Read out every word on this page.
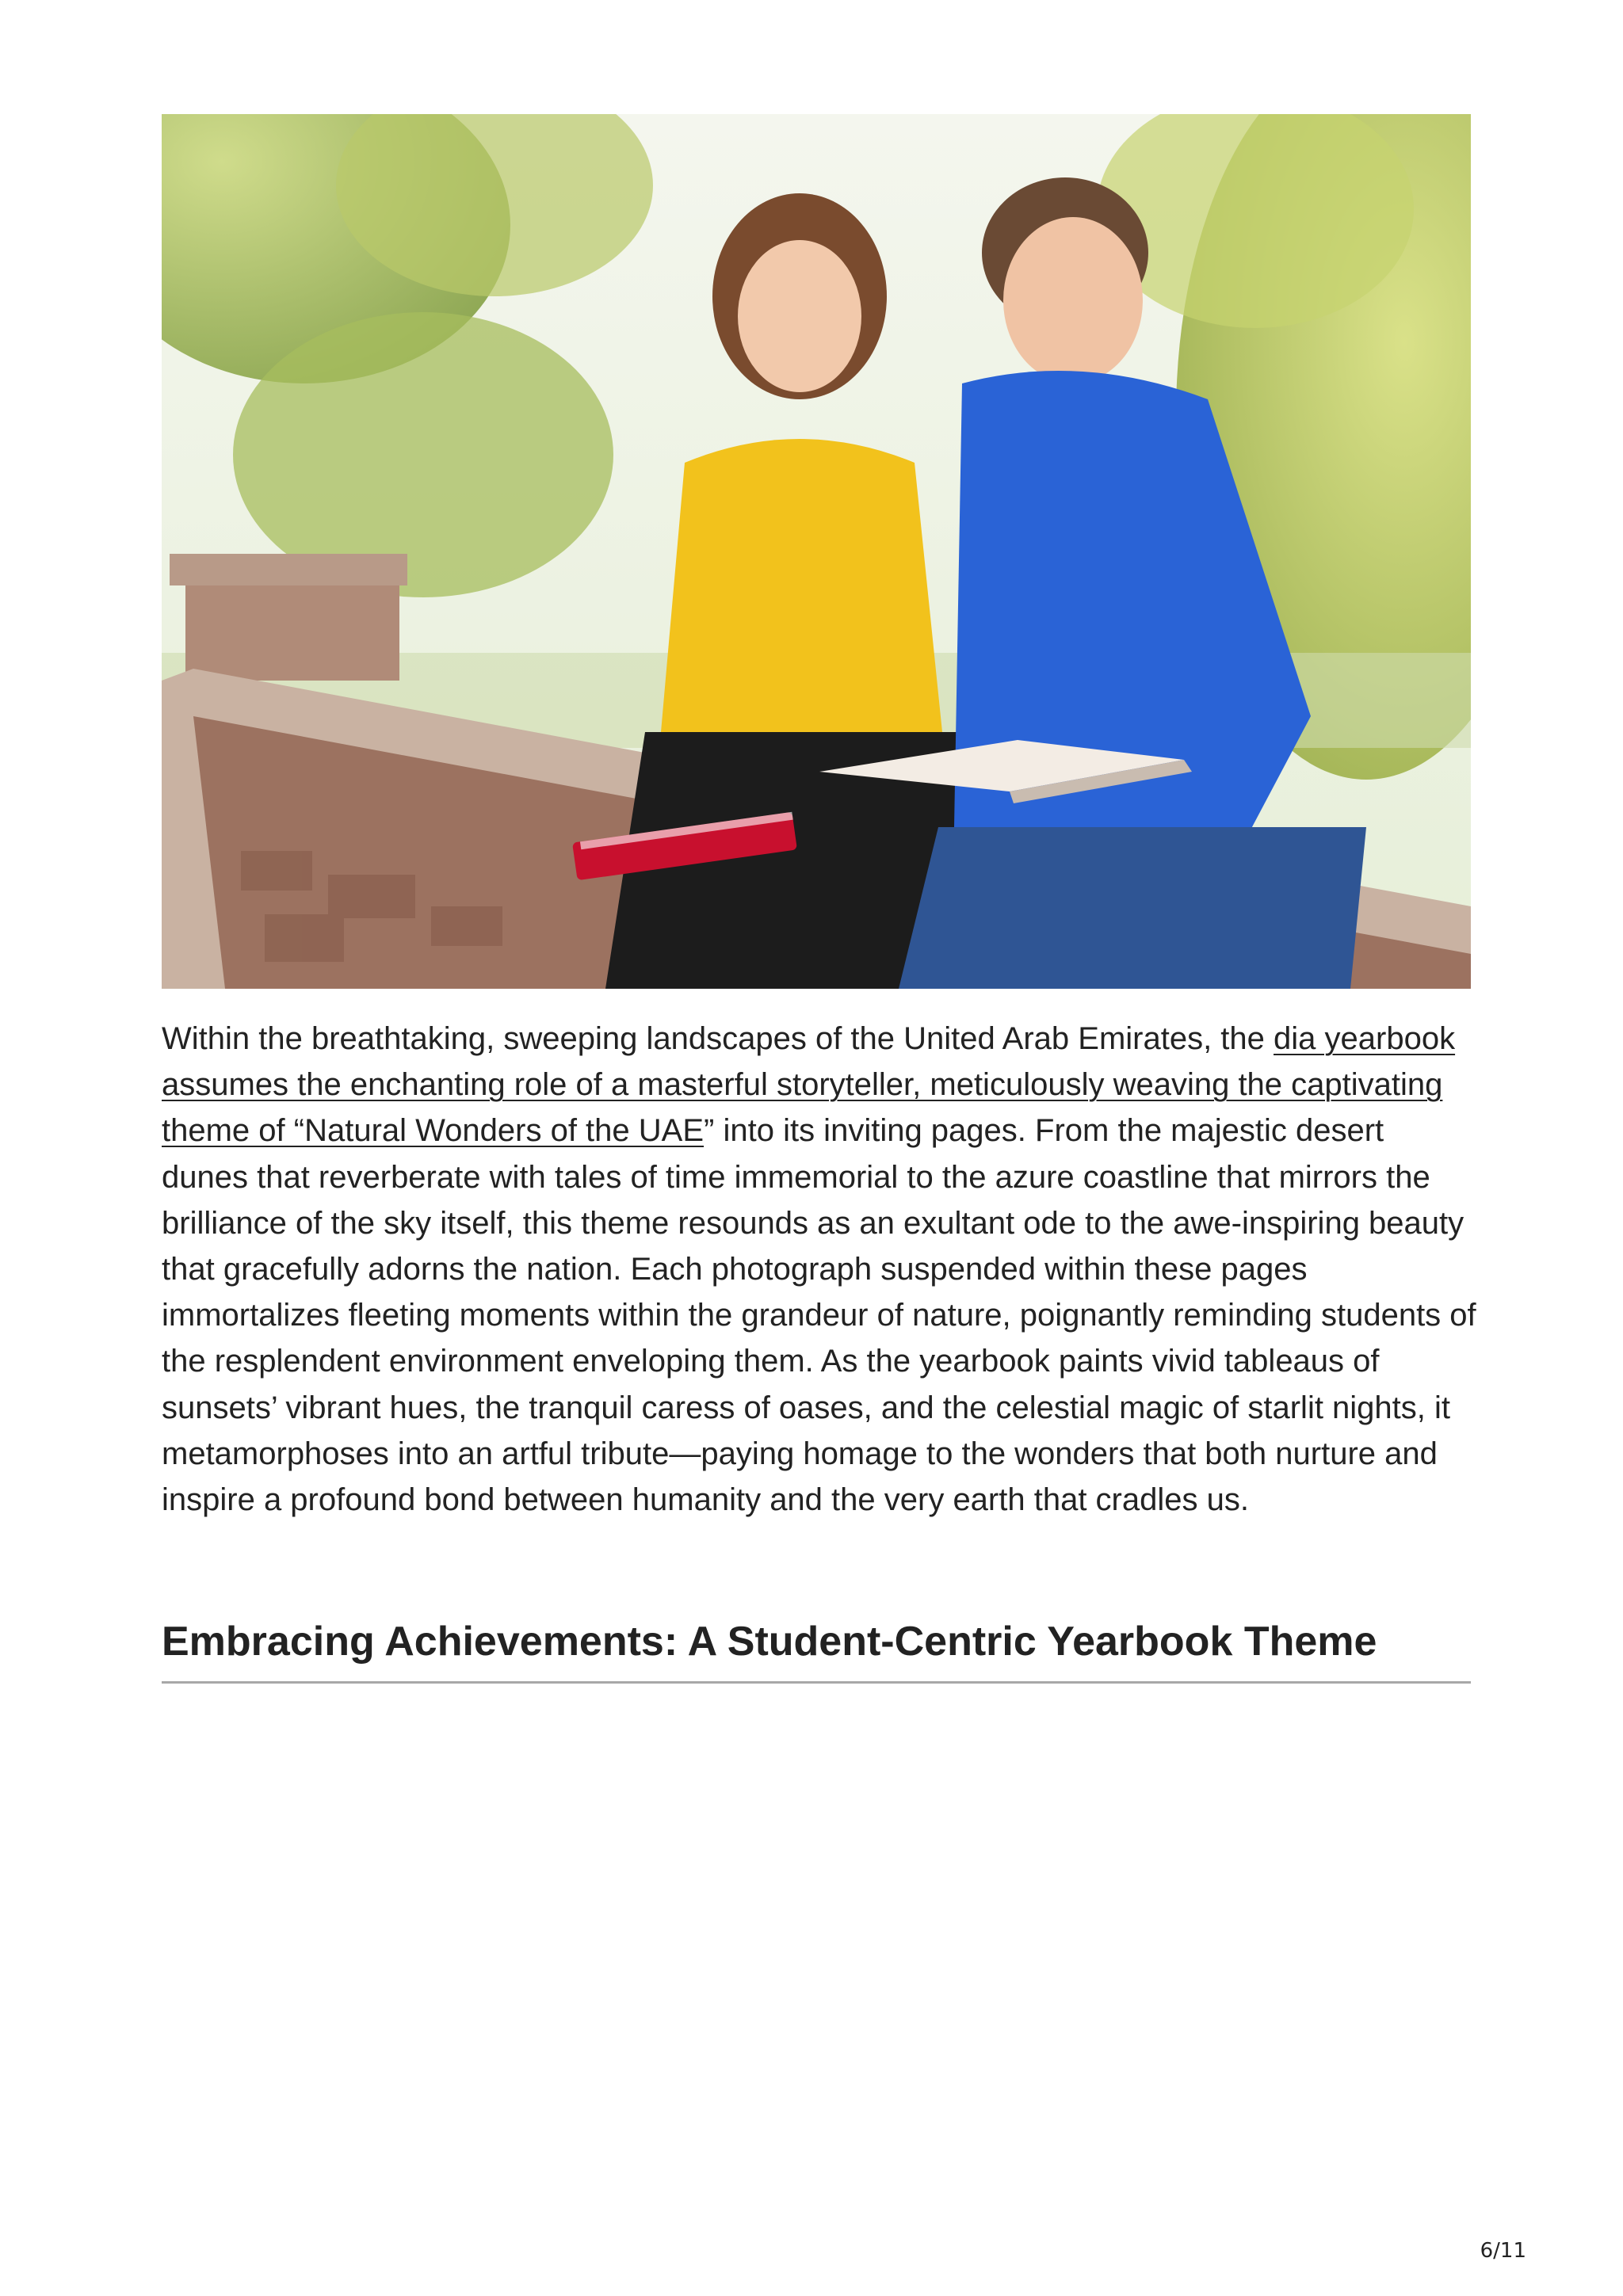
Within the breathtaking, sweeping landscapes of the United Arab Emirates, the dia yearbook assumes the enchanting role of a masterful storyteller, meticulously weaving the captivating theme of “Natural Wonders of the UAE” into its inviting pages. From the majestic desert dunes that reverberate with tales of time immemorial to the azure coastline that mirrors the brilliance of the sky itself, this theme resounds as an exultant ode to the awe-inspiring beauty that gracefully adorns the nation. Each photograph suspended within these pages immortalizes fleeting moments within the grandeur of nature, poignantly reminding students of the resplendent environment enveloping them. As the yearbook paints vivid tableaus of sunsets’ vibrant hues, the tranquil caress of oases, and the celestial magic of starlit nights, it metamorphoses into an artful tribute—paying homage to the wonders that both nurture and inspire a profound bond between humanity and the very earth that cradles us.

Embracing Achievements: A Student-Centric Yearbook Theme
6/11
